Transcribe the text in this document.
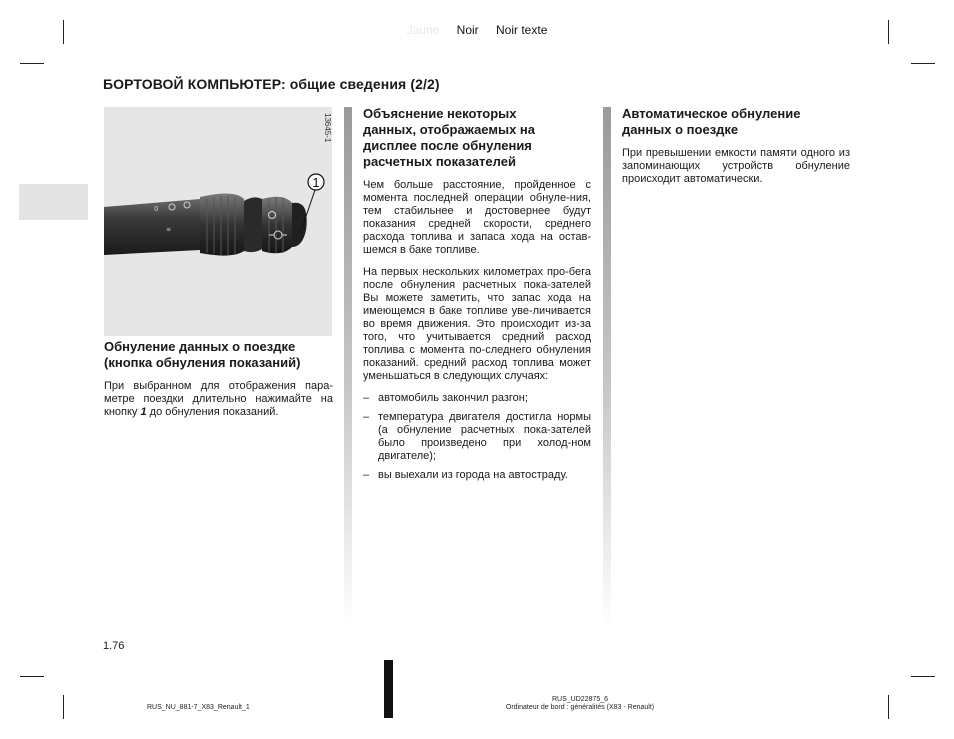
Jaune Noir Noir texte
БОРТОВОЙ КОМПЬЮТЕР: общие сведения (2/2)
0
≡
1
13645-1
Обнуление данных о поездке
(кнопка обнуления показаний)

При выбранном для отображения пара-метре поездки длительно нажимайте на кнопку 1 до обнуления показаний.

Объяснение некоторых
данных, отображаемых на
дисплее после обнуления
расчетных показателей

Чем больше расстояние, пройденное с момента последней операции обнуле-ния, тем стабильнее и достовернее будут показания средней скорости, среднего расхода топлива и запаса хода на остав-шемся в баке топливе.

На первых нескольких километрах про-бега после обнуления расчетных пока-зателей Вы можете заметить, что запас хода на имеющемся в баке топливе уве-личивается во время движения. Это происходит из-за того, что учитывается средний расход топлива с момента по-следнего обнуления показаний. средний расход топлива может уменьшаться в следующих случаях:

– автомобиль закончил разгон;
– температура двигателя достигла нормы (а обнуление расчетных пока-зателей было произведено при холод-ном двигателе);
– вы выехали из города на автостраду.
Автоматическое обнуление
данных о поездке

При превышении емкости памяти одного из запоминающих устройств обнуление происходит автоматически.

1.76
RUS_NU_881-7_X83_Renault_1
RUS_UD22875_6
Ordinateur de bord : généralités (X83 - Renault)
